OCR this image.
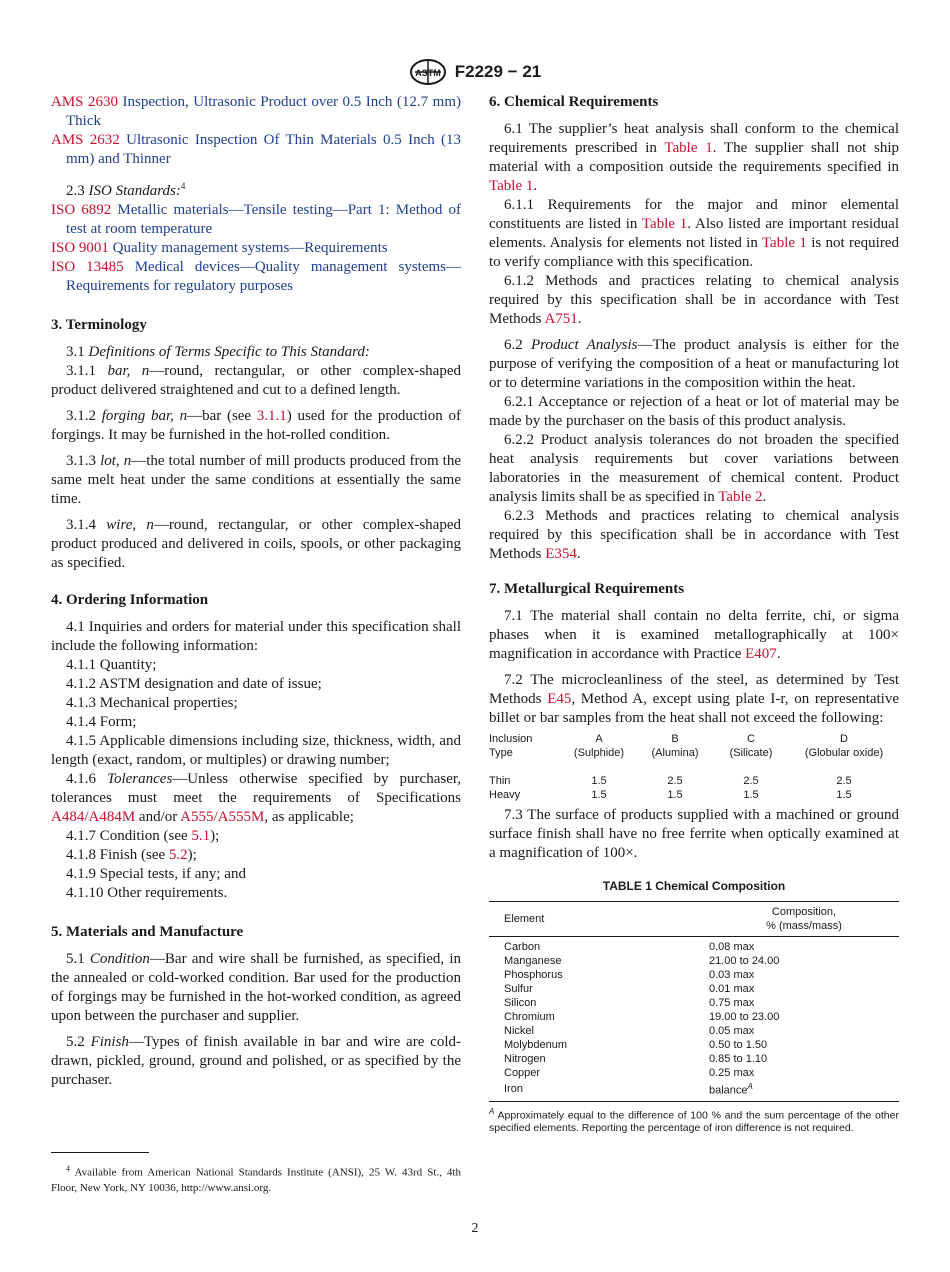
ASTM F2229 − 21

AMS 2630 Inspection, Ultrasonic Product over 0.5 Inch (12.7 mm) Thick

AMS 2632 Ultrasonic Inspection Of Thin Materials 0.5 Inch (13 mm) and Thinner

2.3 ISO Standards:$^4$

ISO 6892 Metallic materials—Tensile testing—Part 1: Method of test at room temperature

ISO 9001 Quality management systems—Requirements

ISO 13485 Medical devices—Quality management systems—Requirements for regulatory purposes

3. Terminology

3.1 Definitions of Terms Specific to This Standard:

3.1.1 bar, n—round, rectangular, or other complex-shaped product delivered straightened and cut to a defined length.

3.1.2 forging bar, n—bar (see 3.1.1) used for the production of forgings. It may be furnished in the hot-rolled condition.

3.1.3 lot, n—the total number of mill products produced from the same melt heat under the same conditions at essentially the same time.

3.1.4 wire, n—round, rectangular, or other complex-shaped product produced and delivered in coils, spools, or other packaging as specified.

4. Ordering Information

4.1 Inquiries and orders for material under this specification shall include the following information:

4.1.1 Quantity;

4.1.2 ASTM designation and date of issue;

4.1.3 Mechanical properties;

4.1.4 Form;

4.1.5 Applicable dimensions including size, thickness, width, and length (exact, random, or multiples) or drawing number;

4.1.6 Tolerances—Unless otherwise specified by purchaser, tolerances must meet the requirements of Specifications A484/A484M and/or A555/A555M, as applicable;

4.1.7 Condition (see 5.1);

4.1.8 Finish (see 5.2);

4.1.9 Special tests, if any; and

4.1.10 Other requirements.

5. Materials and Manufacture

5.1 Condition—Bar and wire shall be furnished, as specified, in the annealed or cold-worked condition. Bar used for the production of forgings may be furnished in the hot-worked condition, as agreed upon between the purchaser and supplier.

5.2 Finish—Types of finish available in bar and wire are cold-drawn, pickled, ground, ground and polished, or as specified by the purchaser.

6. Chemical Requirements

6.1 The supplier’s heat analysis shall conform to the chemical requirements prescribed in Table 1. The supplier shall not ship material with a composition outside the requirements specified in Table 1.

6.1.1 Requirements for the major and minor elemental constituents are listed in Table 1. Also listed are important residual elements. Analysis for elements not listed in Table 1 is not required to verify compliance with this specification.

6.1.2 Methods and practices relating to chemical analysis required by this specification shall be in accordance with Test Methods A751.

6.2 Product Analysis—The product analysis is either for the purpose of verifying the composition of a heat or manufacturing lot or to determine variations in the composition within the heat.

6.2.1 Acceptance or rejection of a heat or lot of material may be made by the purchaser on the basis of this product analysis.

6.2.2 Product analysis tolerances do not broaden the specified heat analysis requirements but cover variations between laboratories in the measurement of chemical content. Product analysis limits shall be as specified in Table 2.

6.2.3 Methods and practices relating to chemical analysis required by this specification shall be in accordance with Test Methods E354.

7. Metallurgical Requirements

7.1 The material shall contain no delta ferrite, chi, or sigma phases when it is examined metallographically at 100× magnification in accordance with Practice E407.

7.2 The microcleanliness of the steel, as determined by Test Methods E45, Method A, except using plate I-r, on representative billet or bar samples from the heat shall not exceed the following:

Inclusion	A	B	C	D
Type	(Sulphide)	(Alumina)	(Silicate)	(Globular oxide)

Thin	1.5	2.5	2.5	2.5
Heavy	1.5	1.5	1.5	1.5

7.3 The surface of products supplied with a machined or ground surface finish shall have no free ferrite when optically examined at a magnification of 100×.

TABLE 1 Chemical Composition
Element	Composition,
% (mass/mass)
Carbon	0.08 max
Manganese	21.00 to 24.00
Phosphorus	0.03 max
Sulfur	0.01 max
Silicon	0.75 max
Chromium	19.00 to 23.00
Nickel	0.05 max
Molybdenum	0.50 to 1.50
Nitrogen	0.85 to 1.10
Copper	0.25 max
Iron	balance$^A$

$^A$ Approximately equal to the difference of 100 % and the sum percentage of the other specified elements. Reporting the percentage of iron difference is not required.

$^4$ Available from American National Standards Institute (ANSI), 25 W. 43rd St., 4th Floor, New York, NY 10036, http://www.ansi.org.

2
